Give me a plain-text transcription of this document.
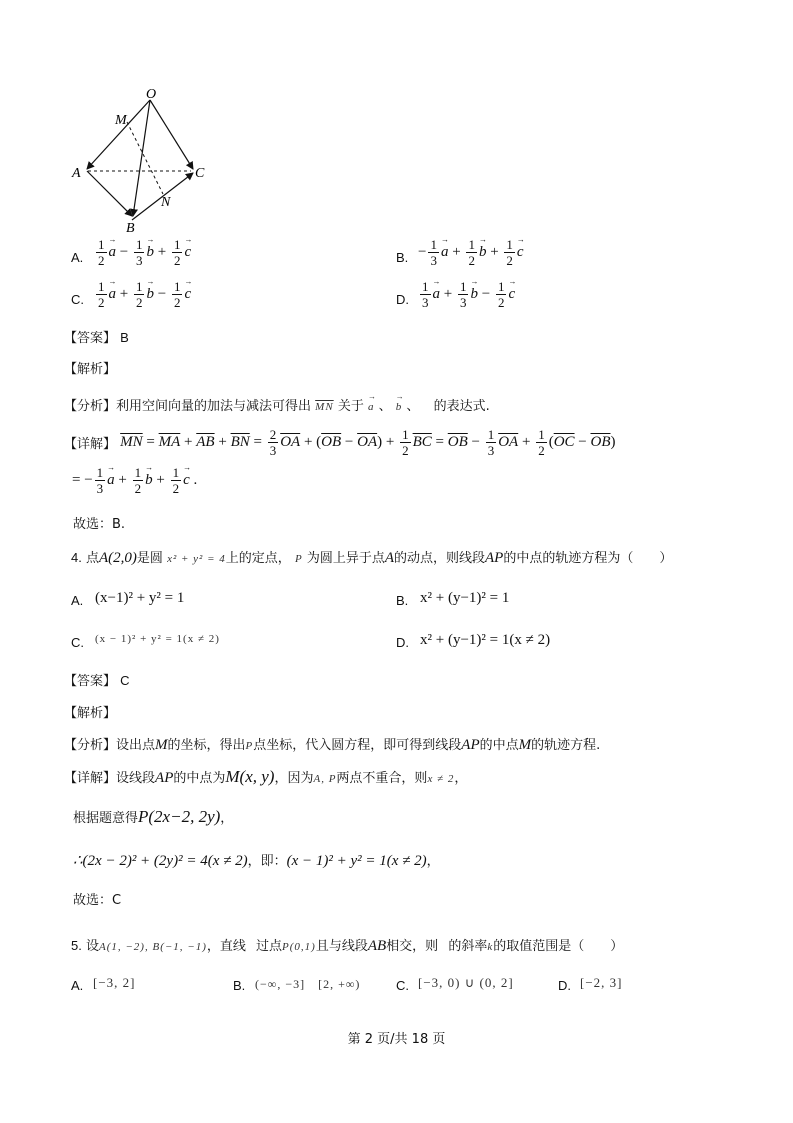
O
M
A	C
N
B
A. $\frac{1}{2} \to a - \frac{1}{3} \to b + \frac{1}{2} \to c$	B. − $\frac{1}{3} \to a + \frac{1}{2} \to b + \frac{1}{2} \to c$
C. $\frac{1}{2} \to a + \frac{1}{2} \to b - \frac{1}{2} \to c$	D. $\frac{1}{3} \to a + \frac{1}{3} \to b - \frac{1}{2} \to c$
【答案】 B
【解析】
【分析】利用空间向量的加法与减法可得出 $\overline{MN}$ 关于 → a 、 → b 、 的表达式.
【详解】 $\overline{MN} = \overline{MA} + \overline{AB} + \overline{BN} = \frac{2}{3} \overline{OA} + (\overline{OB} - \overline{OA}) + \frac{1}{2} \overline{BC} = \overline{OB} - \frac{1}{3} \overline{OA} + \frac{1}{2} (\overline{OC} - \overline{OB})$
= − $\frac{1}{3} \to a + \frac{1}{2} \to b + \frac{1}{2} \to c$ .
故选：B.
4. 点A(2,0)是圆 x² + y² = 4上的定点， P 为圆上异于点A的动点，则线段AP的中点的轨迹方程为（　　）
A. (x−1)² + y² = 1	B. x² + (y−1)² = 1
C. (x − 1)² + y² = 1(x ≠ 2)	D. x² + (y−1)² = 1(x ≠ 2)
【答案】 C
【解析】
【分析】设出点M的坐标，得出P点坐标，代入圆方程，即可得到线段AP的中点M的轨迹方程.
【详解】设线段AP的中点为M(x, y)，因为A, P两点不重合，则x ≠ 2，
根据题意得P(2x−2, 2y)，
∴(2x − 2)² + (2y)² = 4(x ≠ 2)，即：(x − 1)² + y² = 1(x ≠ 2)，
故选：C
5. 设A(1, −2), B(−1, −1)，直线 过点P(0,1)且与线段AB相交，则 的斜率k的取值范围是（　　）
A. [−3, 2]	B. (−∞, −3]　[2, +∞)	C. [−3, 0) ∪ (0, 2]	D. [−2, 3]
第 2 页/共 18 页
